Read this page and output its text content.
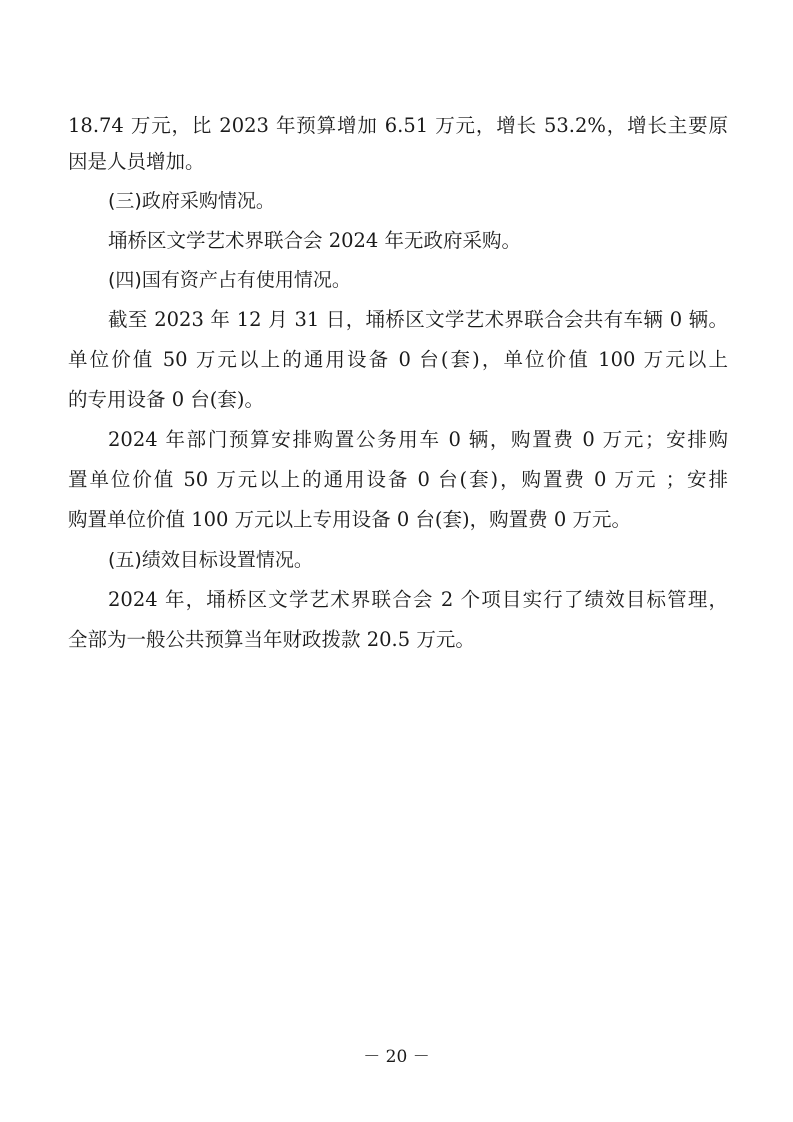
18.74 万元，比 2023 年预算增加 6.51 万元，增长 53.2%，增长主要原
因是人员增加。
(三)政府采购情况。
埇桥区文学艺术界联合会 2024 年无政府采购。
(四)国有资产占有使用情况。
截至 2023 年 12 月 31 日，埇桥区文学艺术界联合会共有车辆 0 辆。
单位价值 50 万元以上的通用设备 0 台(套)，单位价值 100 万元以上
的专用设备 0 台(套)。
2024 年部门预算安排购置公务用车 0 辆，购置费 0 万元；安排购
置单位价值 50 万元以上的通用设备 0 台(套)，购置费 0 万元 ；安排
购置单位价值 100 万元以上专用设备 0 台(套)，购置费 0 万元。
(五)绩效目标设置情况。
2024 年，埇桥区文学艺术界联合会 2 个项目实行了绩效目标管理，
全部为一般公共预算当年财政拨款 20.5 万元。
－ 20 －
